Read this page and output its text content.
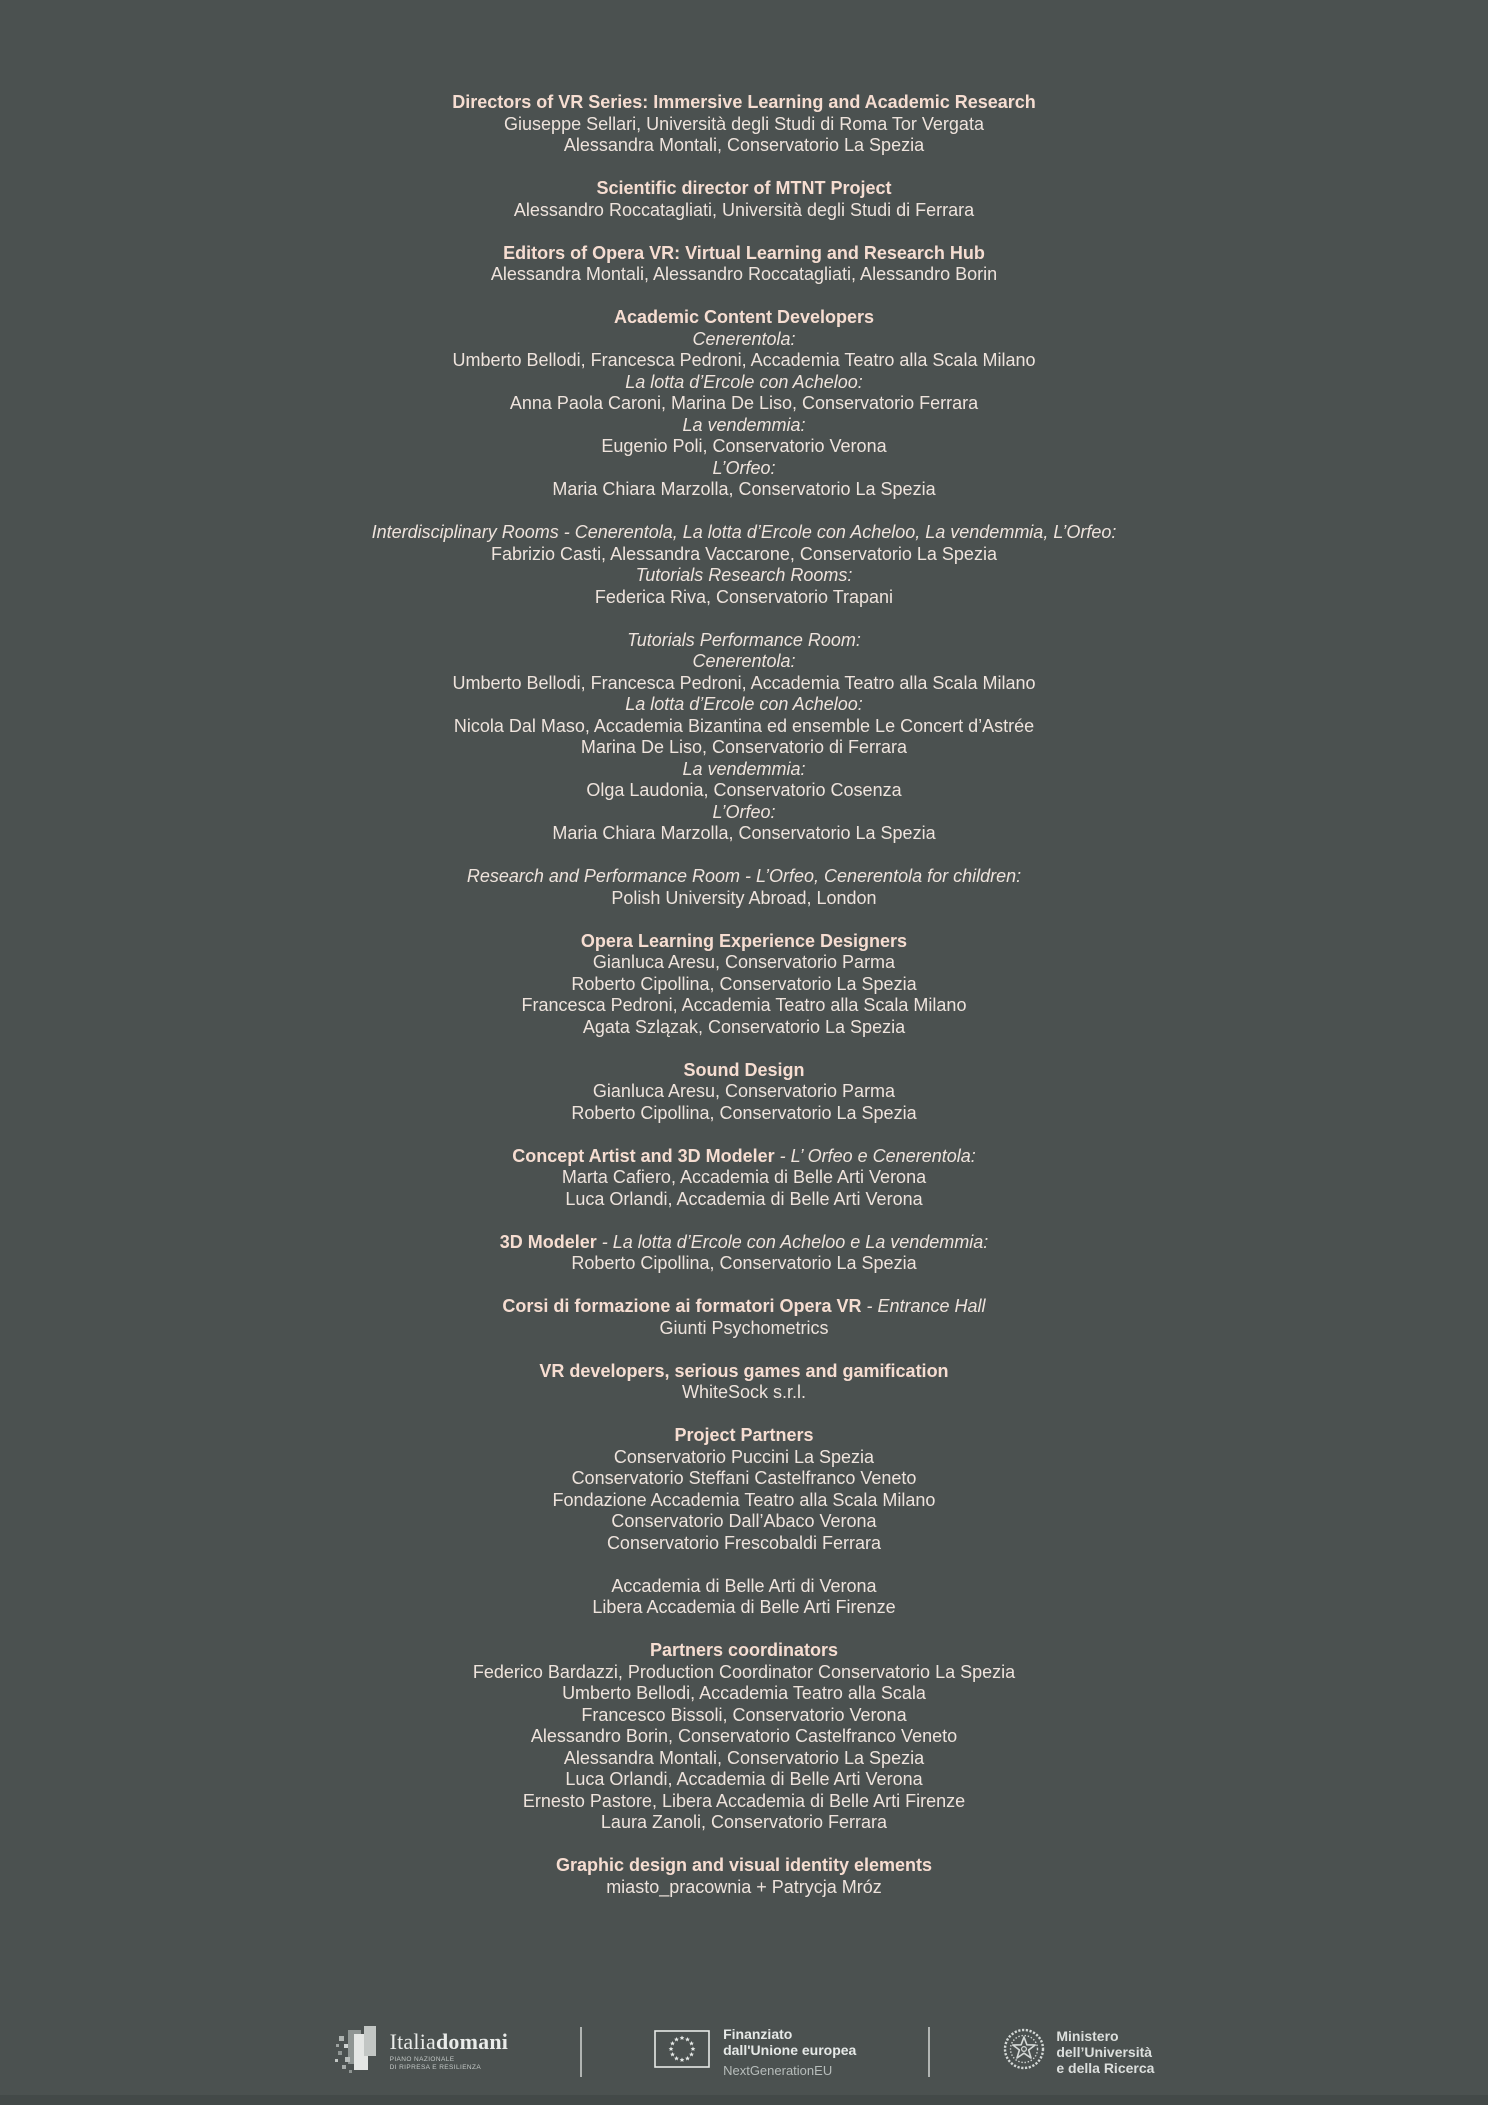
Directors of VR Series: Immersive Learning and Academic Research
Giuseppe Sellari, Università degli Studi di Roma Tor Vergata
Alessandra Montali, Conservatorio La Spezia
Scientific director of MTNT Project
Alessandro Roccatagliati, Università degli Studi di Ferrara
Editors of Opera VR: Virtual Learning and Research Hub
Alessandra Montali, Alessandro Roccatagliati, Alessandro Borin
Academic Content Developers
Cenerentola:
Umberto Bellodi, Francesca Pedroni, Accademia Teatro alla Scala Milano
La lotta d’Ercole con Acheloo:
Anna Paola Caroni, Marina De Liso, Conservatorio Ferrara
La vendemmia:
Eugenio Poli, Conservatorio Verona
L’Orfeo:
Maria Chiara Marzolla, Conservatorio La Spezia
Interdisciplinary Rooms - Cenerentola, La lotta d’Ercole con Acheloo, La vendemmia, L’Orfeo:
Fabrizio Casti, Alessandra Vaccarone, Conservatorio La Spezia
Tutorials Research Rooms:
Federica Riva, Conservatorio Trapani
Tutorials Performance Room:
Cenerentola:
Umberto Bellodi, Francesca Pedroni, Accademia Teatro alla Scala Milano
La lotta d’Ercole con Acheloo:
Nicola Dal Maso, Accademia Bizantina ed ensemble Le Concert d’Astrée
Marina De Liso, Conservatorio di Ferrara
La vendemmia:
Olga Laudonia, Conservatorio Cosenza
L’Orfeo:
Maria Chiara Marzolla, Conservatorio La Spezia
Research and Performance Room - L’Orfeo, Cenerentola for children:
Polish University Abroad, London
Opera Learning Experience Designers
Gianluca Aresu, Conservatorio Parma
Roberto Cipollina, Conservatorio La Spezia
Francesca Pedroni, Accademia Teatro alla Scala Milano
Agata Szlązak, Conservatorio La Spezia
Sound Design
Gianluca Aresu, Conservatorio Parma
Roberto Cipollina, Conservatorio La Spezia
Concept Artist and 3D Modeler - L’ Orfeo e Cenerentola:
Marta Cafiero, Accademia di Belle Arti Verona
Luca Orlandi, Accademia di Belle Arti Verona
3D Modeler - La lotta d’Ercole con Acheloo e La vendemmia:
Roberto Cipollina, Conservatorio La Spezia
Corsi di formazione ai formatori Opera VR - Entrance Hall
Giunti Psychometrics
VR developers, serious games and gamification
WhiteSock s.r.l.
Project Partners
Conservatorio Puccini La Spezia
Conservatorio Steffani Castelfranco Veneto
Fondazione Accademia Teatro alla Scala Milano
Conservatorio Dall’Abaco Verona
Conservatorio Frescobaldi Ferrara
Accademia di Belle Arti di Verona
Libera Accademia di Belle Arti Firenze
Partners coordinators
Federico Bardazzi, Production Coordinator Conservatorio La Spezia
Umberto Bellodi, Accademia Teatro alla Scala
Francesco Bissoli, Conservatorio Verona
Alessandro Borin, Conservatorio Castelfranco Veneto
Alessandra Montali, Conservatorio La Spezia
Luca Orlandi, Accademia di Belle Arti Verona
Ernesto Pastore, Libera Accademia di Belle Arti Firenze
Laura Zanoli, Conservatorio Ferrara
Graphic design and visual identity elements
miasto_pracownia + Patrycja Mróz
Italiadomani
PIANO NAZIONALE
DI RIPRESA E RESILIENZA
Finanziato
dall'Unione europea
NextGenerationEU
Ministero
dell’Università
e della Ricerca
